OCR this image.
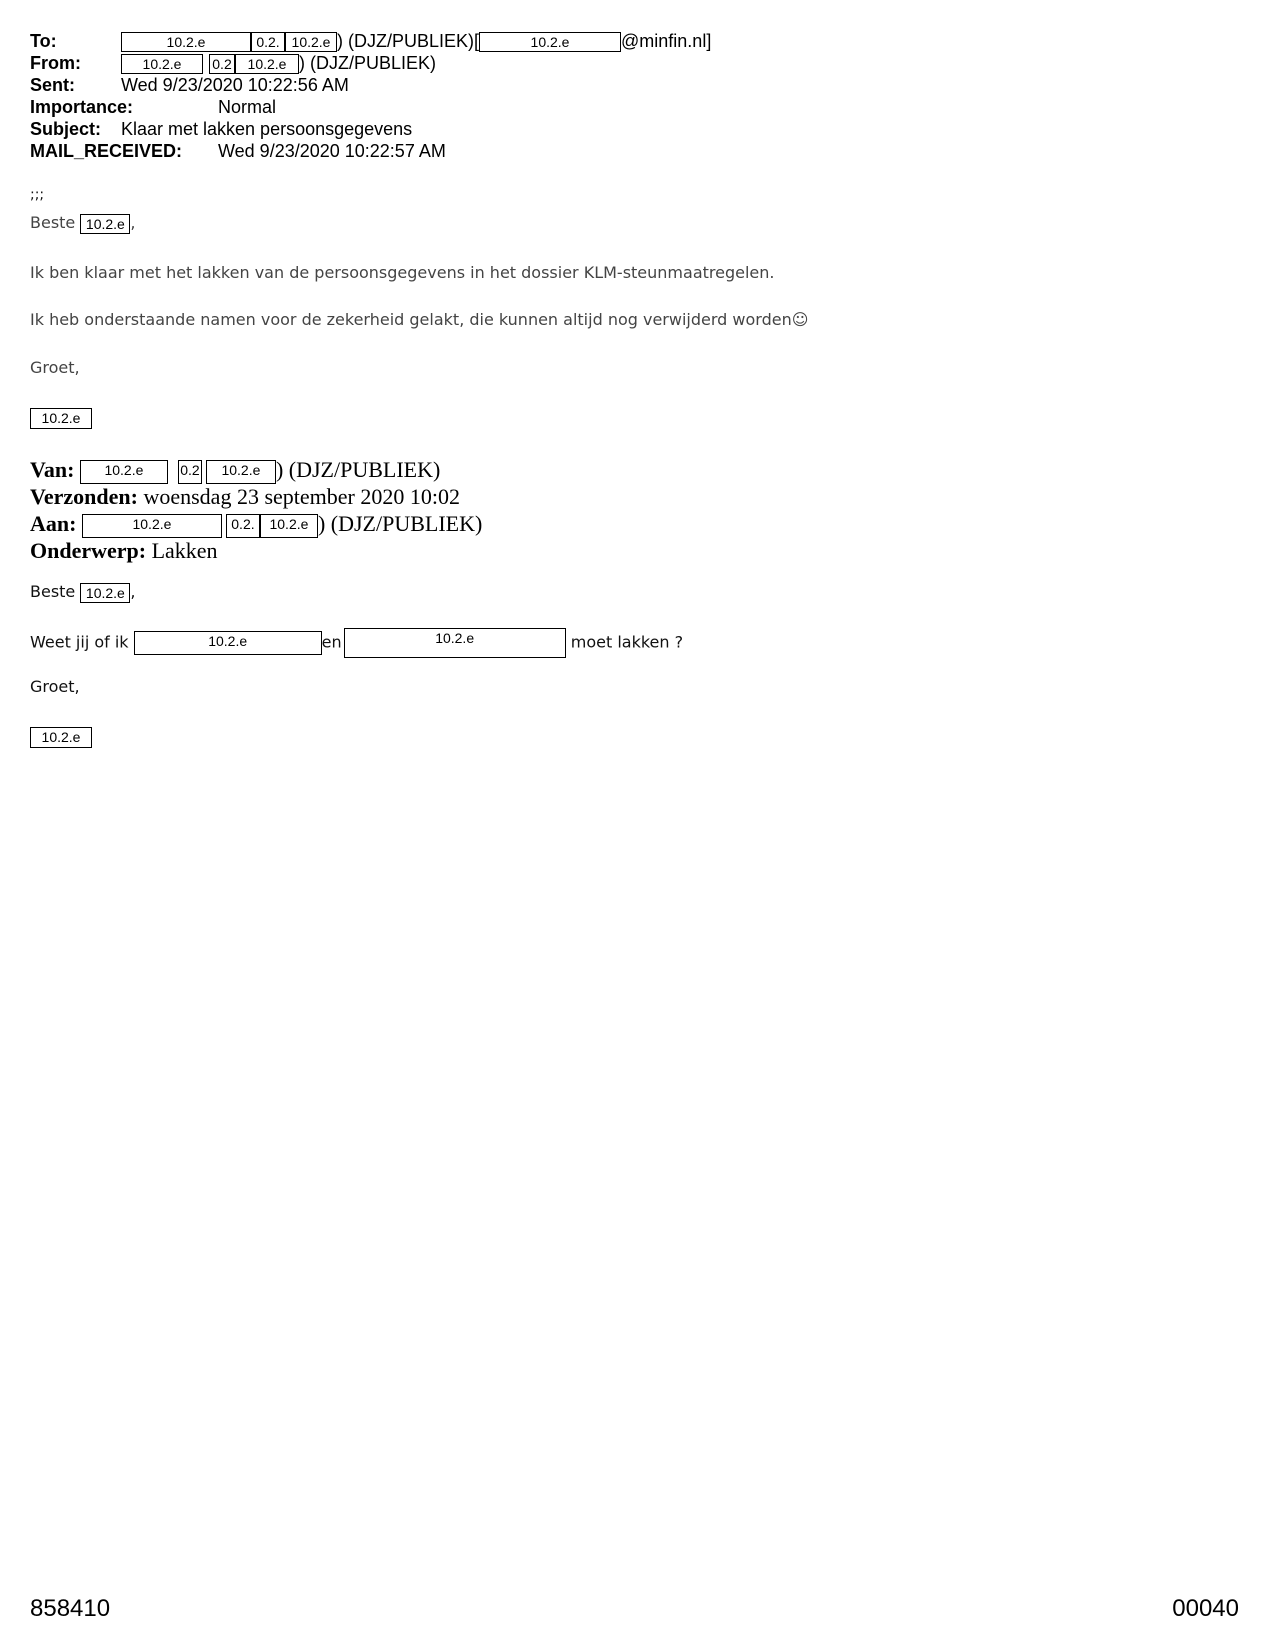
To:	10.2.e	0.2. 10.2.e ) (DJZ/PUBLIEK)[	10.2.e	@minfin.nl]
From:	10.2.e 0.2 10.2.e ) (DJZ/PUBLIEK)
Sent:	Wed 9/23/2020 10:22:56 AM
Importance:	Normal
Subject: Klaar met lakken persoonsgegevens
MAIL_RECEIVED: Wed 9/23/2020 10:22:57 AM
;;;
Beste 10.2.e ,
Ik ben klaar met het lakken van de persoonsgegevens in het dossier KLM-steunmaatregelen.
Ik heb onderstaande namen voor de zekerheid gelakt, die kunnen altijd nog verwijderd worden☺
Groet,
10.2.e
Van: 10.2.e	0.2 10.2.e ) (DJZ/PUBLIEK)
Verzonden: woensdag 23 september 2020 10:02
Aan:	10.2.e	0.2. 10.2.e ) (DJZ/PUBLIEK)
Onderwerp: Lakken
Beste 10.2.e ,
Weet jij of ik	10.2.e	en	10.2.e	moet lakken ?
Groet,
10.2.e
858410	00040
